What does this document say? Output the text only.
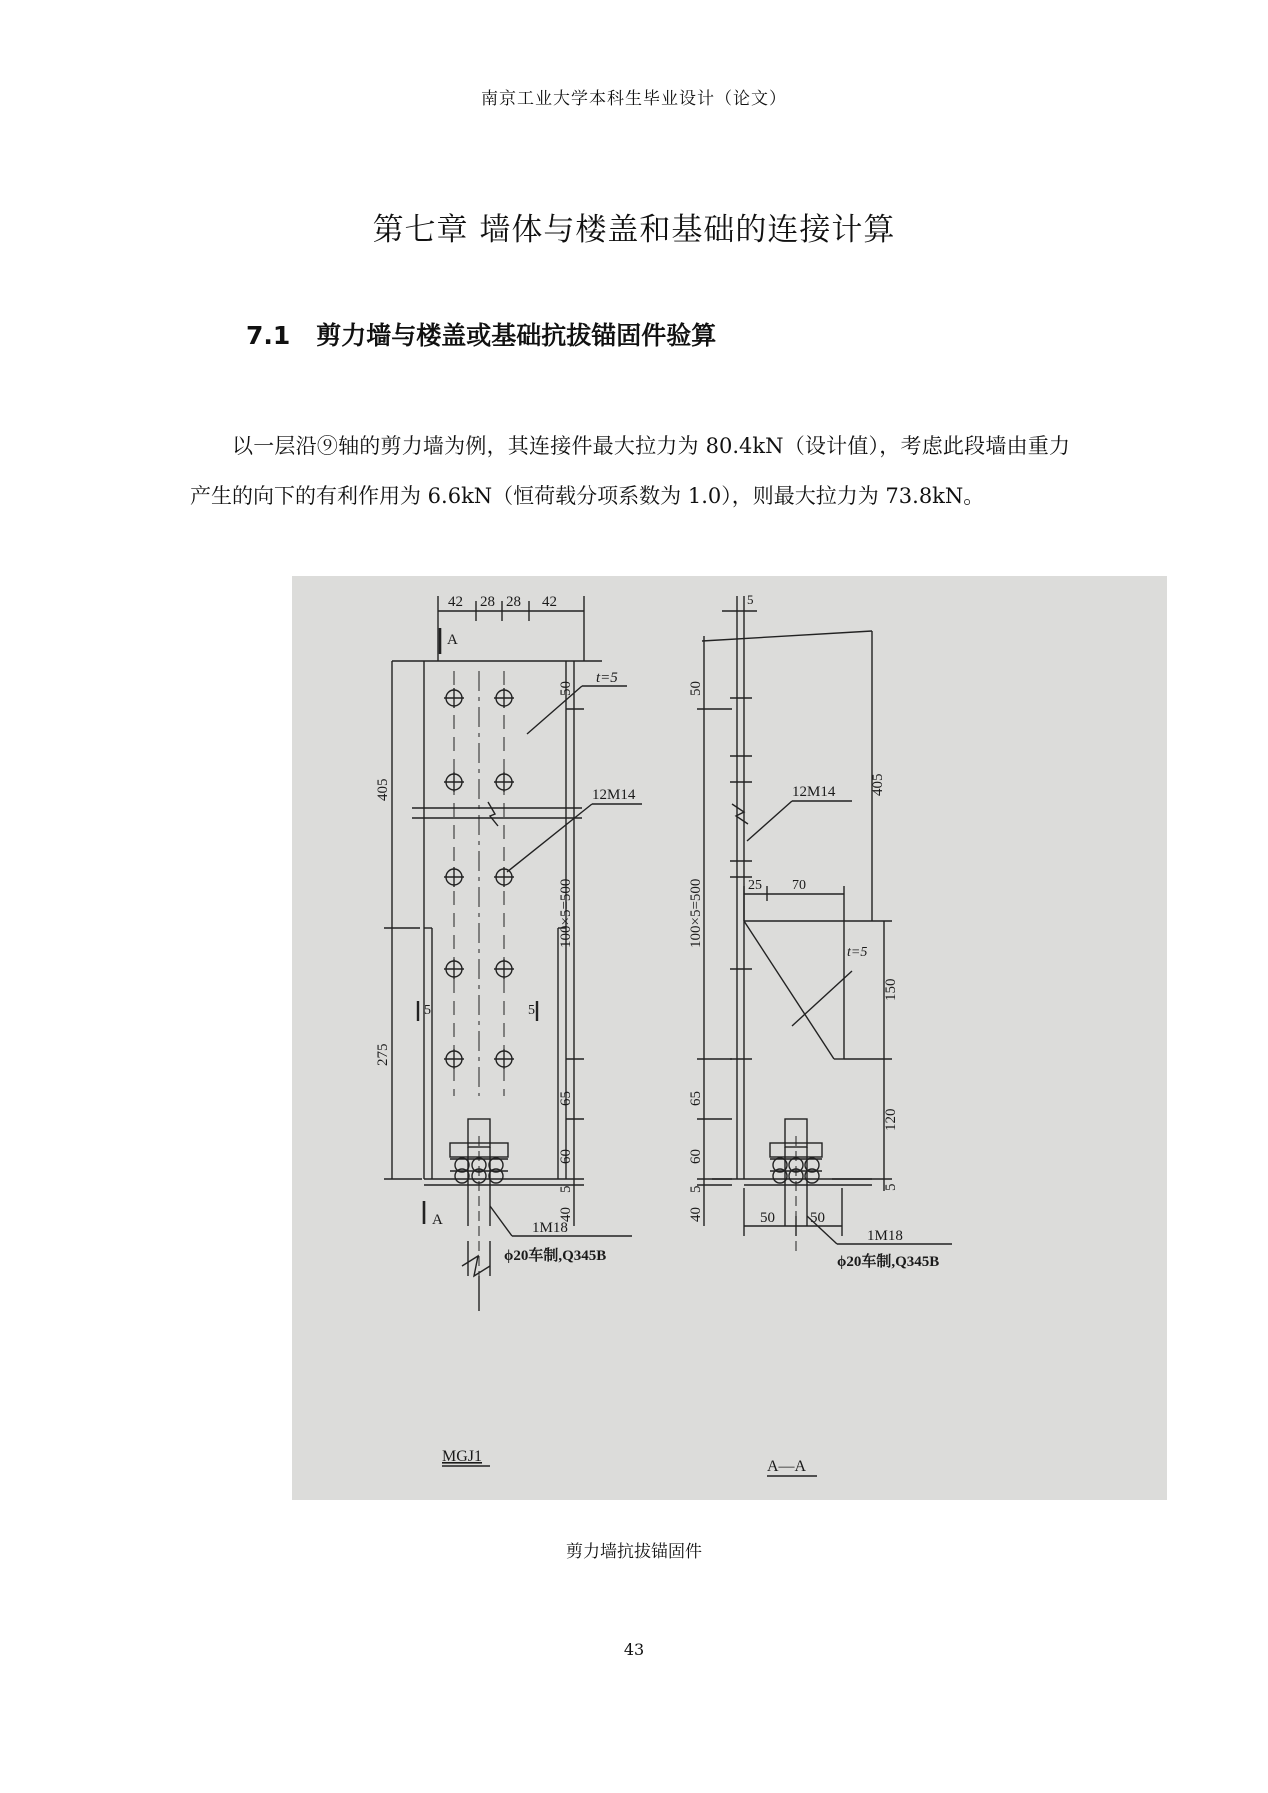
南京工业大学本科生毕业设计（论文）
第七章 墙体与楼盖和基础的连接计算
7.1 剪力墙与楼盖或基础抗拔锚固件验算

以一层沿⑨轴的剪力墙为例，其连接件最大拉力为 80.4kN（设计值），考虑此段墙由重力产生的向下的有利作用为 6.6kN（恒荷载分项系数为 1.0），则最大拉力为 73.8kN。

42 28 28 42
A
t=5
12M14
5	5
405
275
50
100×5=500
65
60
5
40
A	1M18
ϕ20车制,Q345B
MGJ1
5
50
100×5=500
65
60
5
40
405
150
120
5
25 70
t=5
12M14
50 50
1M18
ϕ20车制,Q345B
A—A
剪力墙抗拔锚固件
43
